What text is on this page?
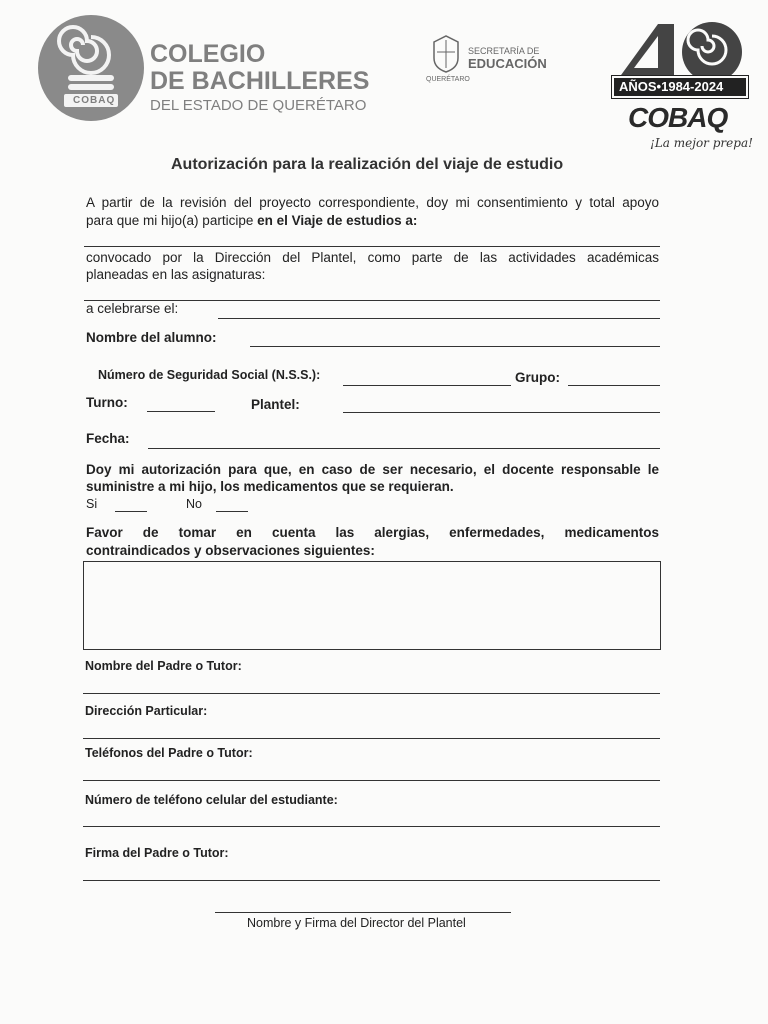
COBAQ
COLEGIO
DE BACHILLERES
DEL ESTADO DE QUERÉTARO
SECRETARÍA DE
EDUCACIÓN
QUERÉTARO	AÑOS•1984-2024
COBAQ
¡La mejor prepa!
Autorización para la realización del viaje de estudio
A partir de la revisión del proyecto correspondiente, doy mi consentimiento y total apoyo
para que mi hijo(a) participe en el Viaje de estudios a:
convocado por la Dirección del Plantel, como parte de las actividades académicas
planeadas en las asignaturas:
a celebrarse el:
Nombre del alumno:
Número de Seguridad Social (N.S.S.):	Grupo:
Turno:	Plantel:
Fecha:
Doy mi autorización para que, en caso de ser necesario, el docente responsable le
suministre a mi hijo, los medicamentos que se requieran.
Si	No
Favor de tomar en cuenta las alergias, enfermedades, medicamentos
contraindicados y observaciones siguientes:
Nombre del Padre o Tutor:
Dirección Particular:
Teléfonos del Padre o Tutor:
Número de teléfono celular del estudiante:
Firma del Padre o Tutor:
Nombre y Firma del Director del Plantel
